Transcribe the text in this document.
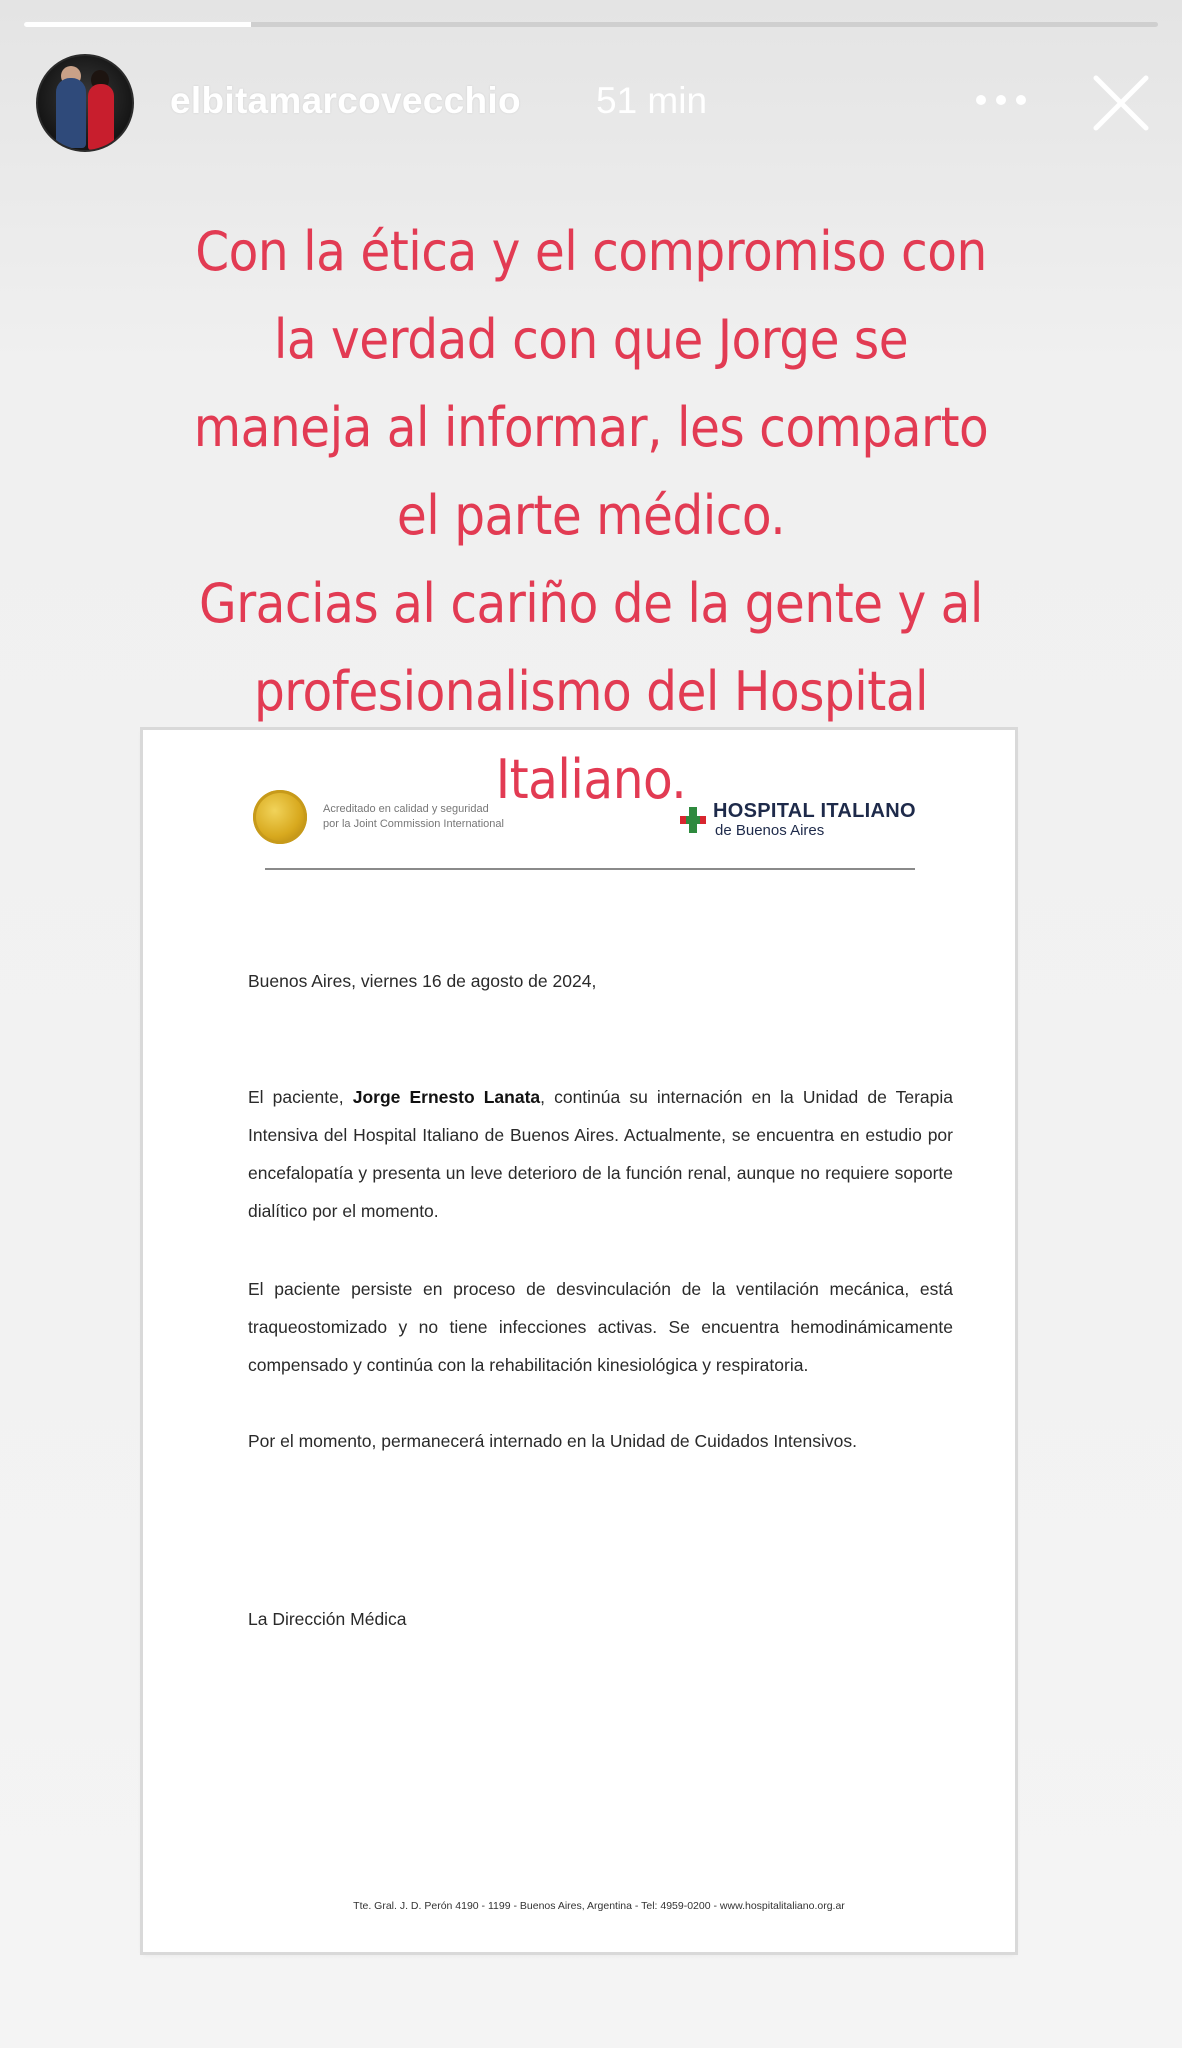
elbitamarcovecchio 51 min
Acreditado en calidad y seguridad
por la Joint Commission International
HOSPITAL ITALIANO
de Buenos Aires

Buenos Aires, viernes 16 de agosto de 2024,

El paciente, Jorge Ernesto Lanata, continúa su internación en la Unidad de Terapia Intensiva del Hospital Italiano de Buenos Aires. Actualmente, se encuentra en estudio por encefalopatía y presenta un leve deterioro de la función renal, aunque no requiere soporte dialítico por el momento.

El paciente persiste en proceso de desvinculación de la ventilación mecánica, está traqueostomizado y no tiene infecciones activas. Se encuentra hemodinámicamente compensado y continúa con la rehabilitación kinesiológica y respiratoria.

Por el momento, permanecerá internado en la Unidad de Cuidados Intensivos.

La Dirección Médica

Tte. Gral. J. D. Perón 4190 - 1199 - Buenos Aires, Argentina - Tel: 4959-0200 - www.hospitalitaliano.org.ar

Con la ética y el compromiso con
la verdad con que Jorge se
maneja al informar, les comparto
el parte médico.
Gracias al cariño de la gente y al
profesionalismo del Hospital
Italiano.
